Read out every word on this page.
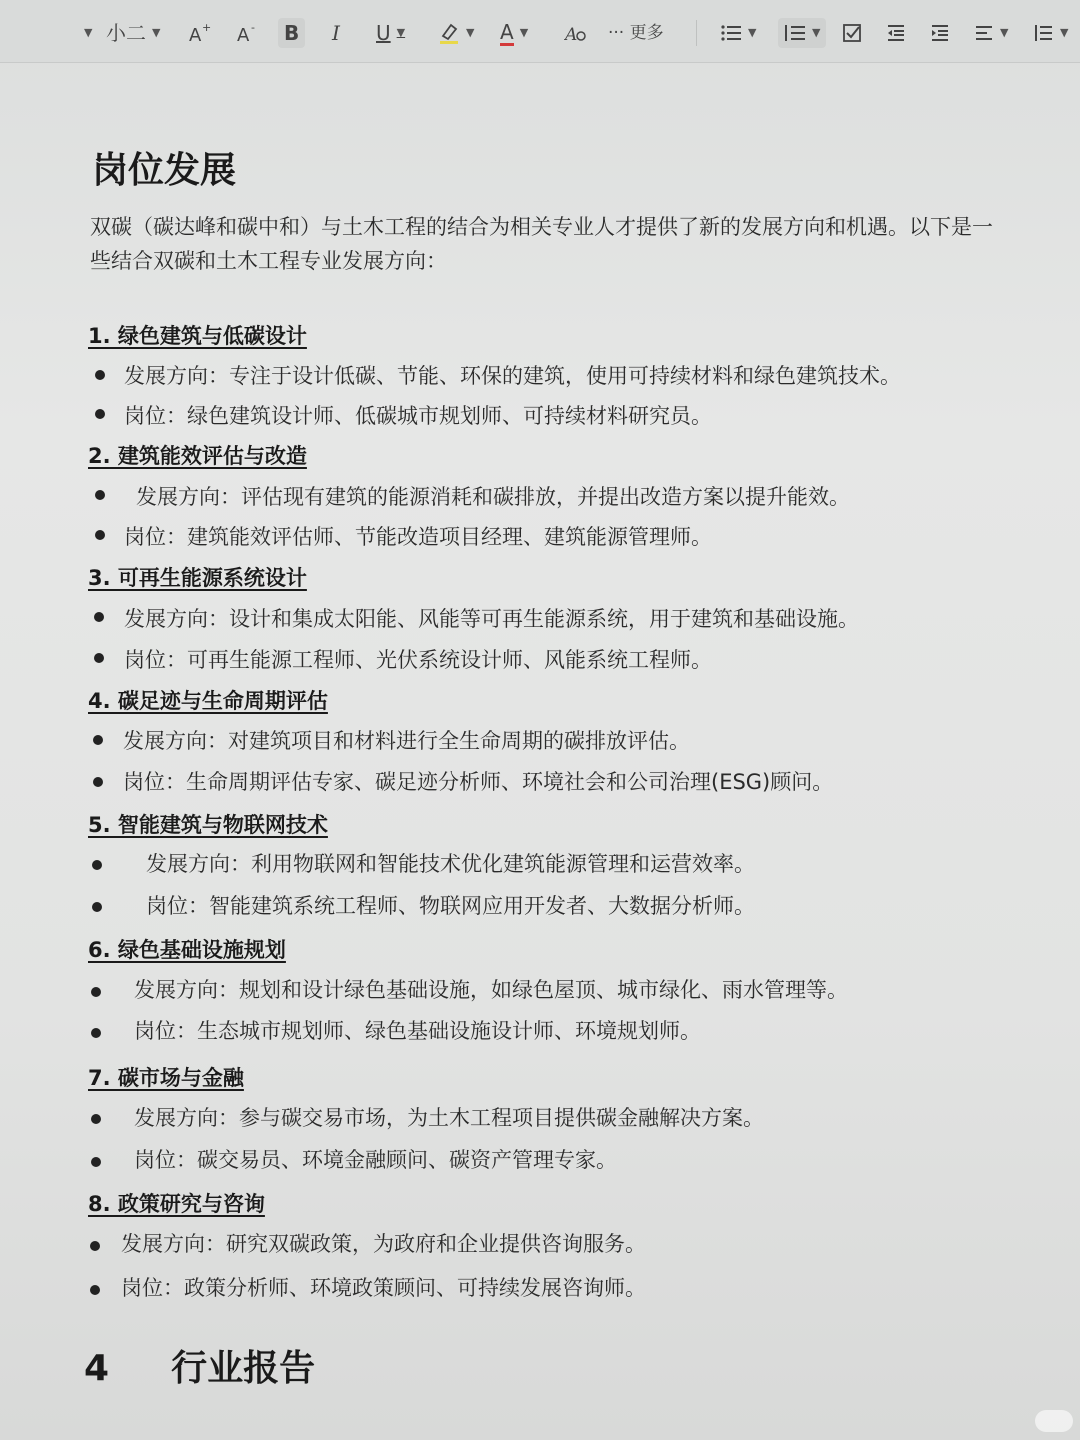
▼ 小二 ▼ A + A - B I U ▼	▼ A ▼ A ··· 更多	▼	▼	▼	▼
岗位发展
双碳（碳达峰和碳中和）与土木工程的结合为相关专业人才提供了新的发展方向和机遇。以下是一些结合双碳和土木工程专业发展方向：
1. 绿色建筑与低碳设计
发展方向：专注于设计低碳、节能、环保的建筑，使用可持续材料和绿色建筑技术。
岗位：绿色建筑设计师、低碳城市规划师、可持续材料研究员。
2. 建筑能效评估与改造
发展方向：评估现有建筑的能源消耗和碳排放，并提出改造方案以提升能效。
岗位：建筑能效评估师、节能改造项目经理、建筑能源管理师。
3. 可再生能源系统设计
发展方向：设计和集成太阳能、风能等可再生能源系统，用于建筑和基础设施。
岗位：可再生能源工程师、光伏系统设计师、风能系统工程师。
4. 碳足迹与生命周期评估
发展方向：对建筑项目和材料进行全生命周期的碳排放评估。
岗位：生命周期评估专家、碳足迹分析师、环境社会和公司治理(ESG)顾问。
5. 智能建筑与物联网技术
发展方向：利用物联网和智能技术优化建筑能源管理和运营效率。
岗位：智能建筑系统工程师、物联网应用开发者、大数据分析师。
6. 绿色基础设施规划
发展方向：规划和设计绿色基础设施，如绿色屋顶、城市绿化、雨水管理等。
岗位：生态城市规划师、绿色基础设施设计师、环境规划师。
7. 碳市场与金融
发展方向：参与碳交易市场，为土木工程项目提供碳金融解决方案。
岗位：碳交易员、环境金融顾问、碳资产管理专家。
8. 政策研究与咨询
发展方向：研究双碳政策，为政府和企业提供咨询服务。
岗位：政策分析师、环境政策顾问、可持续发展咨询师。
4 行业报告
